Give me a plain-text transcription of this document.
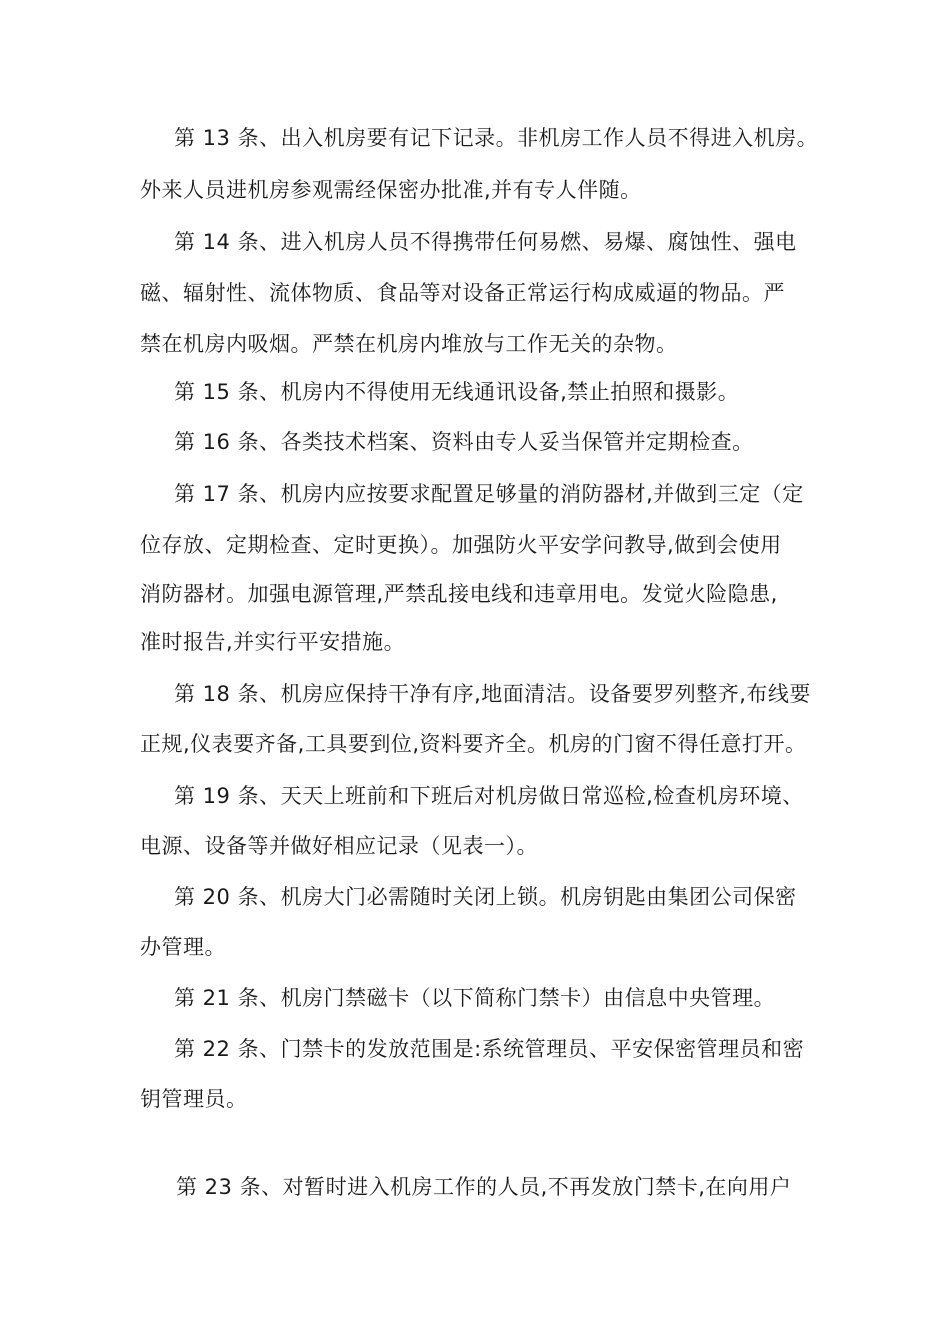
第 13 条、出入机房要有记下记录。非机房工作人员不得进入机房。
外来人员进机房参观需经保密办批准,并有专人伴随。
第 14 条、进入机房人员不得携带任何易燃、易爆、腐蚀性、强电
磁、辐射性、流体物质、食品等对设备正常运行构成威逼的物品。严
禁在机房内吸烟。严禁在机房内堆放与工作无关的杂物。
第 15 条、机房内不得使用无线通讯设备,禁止拍照和摄影。
第 16 条、各类技术档案、资料由专人妥当保管并定期检查。
第 17 条、机房内应按要求配置足够量的消防器材,并做到三定（定
位存放、定期检查、定时更换）。加强防火平安学问教导,做到会使用
消防器材。加强电源管理,严禁乱接电线和违章用电。发觉火险隐患,
准时报告,并实行平安措施。
第 18 条、机房应保持干净有序,地面清洁。设备要罗列整齐,布线要
正规,仪表要齐备,工具要到位,资料要齐全。机房的门窗不得任意打开。
第 19 条、天天上班前和下班后对机房做日常巡检,检查机房环境、
电源、设备等并做好相应记录（见表一）。
第 20 条、机房大门必需随时关闭上锁。机房钥匙由集团公司保密
办管理。
第 21 条、机房门禁磁卡（以下简称门禁卡）由信息中央管理。
第 22 条、门禁卡的发放范围是:系统管理员、平安保密管理员和密
钥管理员。
第 23 条、对暂时进入机房工作的人员,不再发放门禁卡,在向用户
